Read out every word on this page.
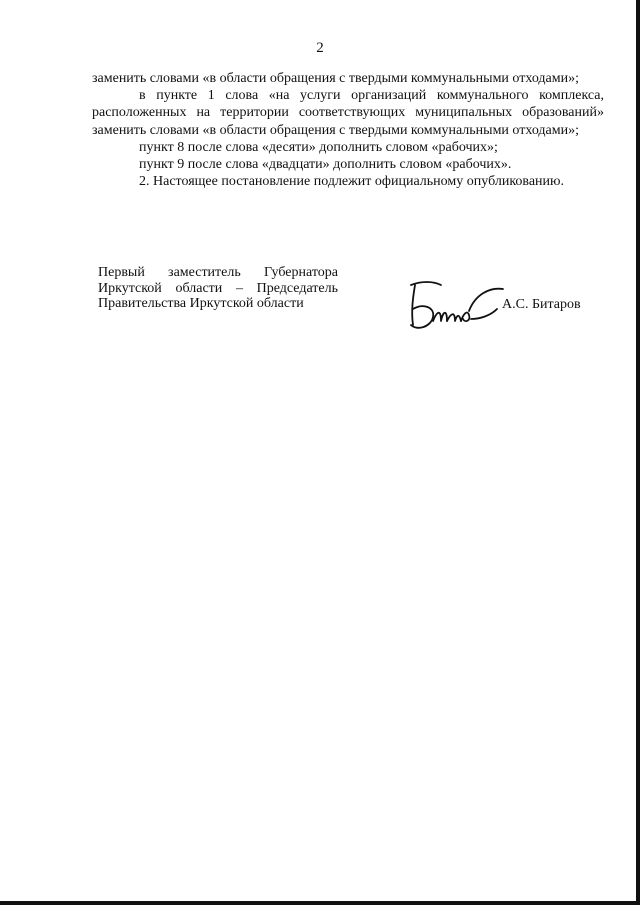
2

заменить словами «в области обращения с твердыми коммунальными отходами»;

в пункте 1 слова «на услуги организаций коммунального комплекса, расположенных на территории соответствующих муниципальных образований» заменить словами «в области обращения с твердыми коммунальными отходами»;

пункт 8 после слова «десяти» дополнить словом «рабочих»;

пункт 9 после слова «двадцати» дополнить словом «рабочих».

2. Настоящее постановление подлежит официальному опубликованию.

Первый заместитель Губернатора
Иркутской области – Председатель
Правительства Иркутской области	А.С. Битаров
